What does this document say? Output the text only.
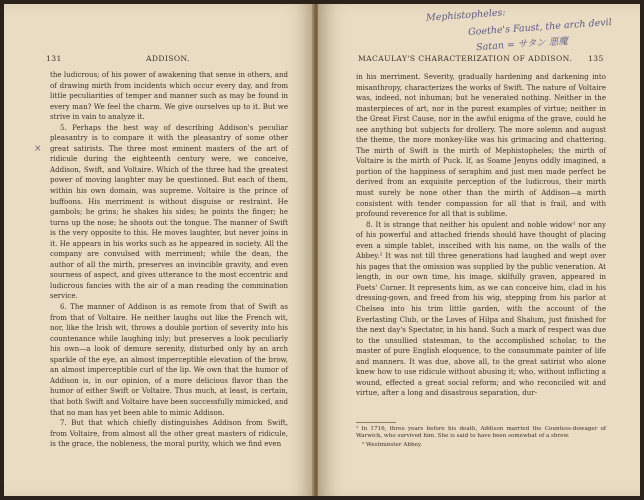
131	ADDISON.
×

the ludicrous; of his power of awakening that sense in others, and of drawing mirth from incidents which occur every day, and from little peculiarities of temper and manner such as may be found in every man? We feel the charm. We give ourselves up to it. But we strive in vain to analyze it.

5. Perhaps the best way of describing Addison's peculiar pleasantry is to compare it with the pleasantry of some other great satirists. The three most eminent masters of the art of ridicule during the eighteenth century were, we conceive, Addison, Swift, and Voltaire. Which of the three had the greatest power of moving laughter may be questioned. But each of them, within his own domain, was supreme. Voltaire is the prince of buffoons. His merriment is without disguise or restraint. He gambols; he grins; he shakes his sides; he points the finger; he turns up the nose; he shoots out the tongue. The manner of Swift is the very opposite to this. He moves laughter, but never joins in it. He appears in his works such as he appeared in society. All the company are convulsed with merriment; while the dean, the author of all the mirth, preserves an invincible gravity, and even sourness of aspect, and gives utterance to the most eccentric and ludicrous fancies with the air of a man reading the commination service.

6. The manner of Addison is as remote from that of Swift as from that of Voltaire. He neither laughs out like the French wit, nor, like the Irish wit, throws a double portion of severity into his countenance while laughing inly; but preserves a look peculiarly his own—a look of demure serenity, disturbed only by an arch sparkle of the eye, an almost imperceptible elevation of the brow, an almost imperceptible curl of the lip. We own that the humor of Addison is, in our opinion, of a more delicious flavor than the humor of either Swift or Voltaire. Thus much, at least, is certain, that both Swift and Voltaire have been successfully mimicked, and that no man has yet been able to mimic Addison.

7. But that which chiefly distinguishes Addison from Swift, from Voltaire, from almost all the other great masters of ridicule, is the grace, the nobleness, the moral purity, which we find even

Mephistopheles:
Goethe's Faust, the arch devil
Satan = サタン 悪魔
MACAULAY'S CHARACTERIZATION OF ADDISON. 135

in his merriment. Severity, gradually hardening and darkening into misanthropy, characterizes the works of Swift. The nature of Voltaire was, indeed, not inhuman; but he venerated nothing. Neither in the masterpieces of art, nor in the purest examples of virtue; neither in the Great First Cause, nor in the awful enigma of the grave, could he see anything but subjects for drollery. The more solemn and august the theme, the more monkey-like was his grimacing and chattering. The mirth of Swift is the mirth of Mephistopheles; the mirth of Voltaire is the mirth of Puck. If, as Soame Jenyns oddly imagined, a portion of the happiness of seraphim and just men made perfect be derived from an exquisite perception of the ludicrous, their mirth must surely be none other than the mirth of Addison—a mirth consistent with tender compassion for all that is frail, and with profound reverence for all that is sublime.

8. It is strange that neither his opulent and noble widow¹ nor any of his powerful and attached friends should have thought of placing even a simple tablet, inscribed with his name, on the walls of the Abbey.² It was not till three generations had laughed and wept over his pages that the omission was supplied by the public veneration. At length, in our own time, his image, skilfully graven, appeared in Poets' Corner. It represents him, as we can conceive him, clad in his dressing-gown, and freed from his wig, stepping from his parlor at Chelsea into his trim little garden, with the account of the Everlasting Club, or the Loves of Hilpa and Shalum, just finished for the next day's Spectator, in his hand. Such a mark of respect was due to the unsullied statesman, to the accomplished scholar, to the master of pure English eloquence, to the consummate painter of life and manners. It was due, above all, to the great satirist who alone knew how to use ridicule without abusing it; who, without inflicting a wound, effected a great social reform; and who reconciled wit and virtue, after a long and disastrous separation, dur-

¹ In 1716, three years before his death, Addison married the Countess-dowager of Warwick, who survived him. She is said to have been somewhat of a shrew.
² Westminster Abbey.
